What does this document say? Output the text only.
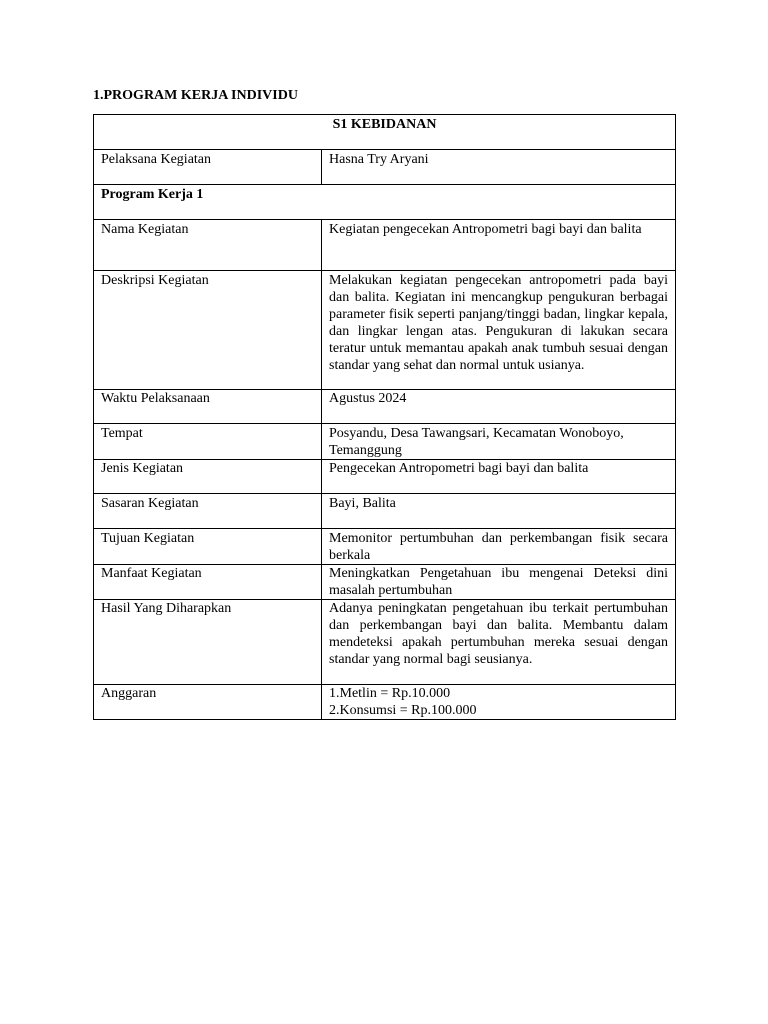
1.PROGRAM KERJA INDIVIDU
S1 KEBIDANAN	
Pelaksana Kegiatan	Hasna Try Aryani
Program Kerja 1	
Nama Kegiatan	Kegiatan pengecekan Antropometri bagi bayi dan balita
Deskripsi Kegiatan	Melakukan kegiatan pengecekan antropometri pada bayi dan balita. Kegiatan ini mencangkup pengukuran berbagai parameter fisik seperti panjang/tinggi badan, lingkar kepala, dan lingkar lengan atas. Pengukuran di lakukan secara teratur untuk memantau apakah anak tumbuh sesuai dengan standar yang sehat dan normal untuk usianya.
Waktu Pelaksanaan	Agustus 2024
Tempat	Posyandu, Desa Tawangsari, Kecamatan Wonoboyo, Temanggung
Jenis Kegiatan	Pengecekan Antropometri bagi bayi dan balita
Sasaran Kegiatan	Bayi, Balita
Tujuan Kegiatan	Memonitor pertumbuhan dan perkembangan fisik secara berkala
Manfaat Kegiatan	Meningkatkan Pengetahuan ibu mengenai Deteksi dini masalah pertumbuhan
Hasil Yang Diharapkan	Adanya peningkatan pengetahuan ibu terkait pertumbuhan dan perkembangan bayi dan balita. Membantu dalam mendeteksi apakah pertumbuhan mereka sesuai dengan standar yang normal bagi seusianya.
Anggaran	1.Metlin = Rp.10.000
2.Konsumsi = Rp.100.000
